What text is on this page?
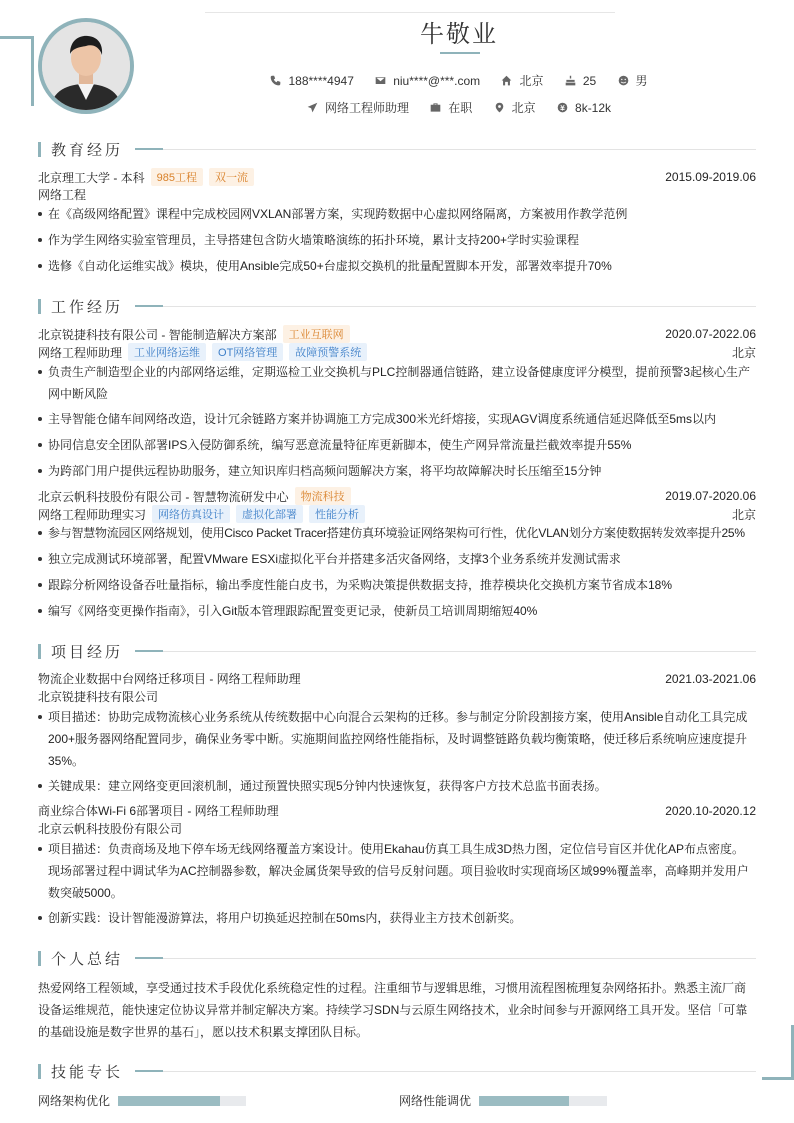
牛敬业
188****4947	niu****@***.com	北京	25	男
网络工程师助理	在职	北京	8k-12k
教育经历
北京理工大学 - 本科	985工程	双一流	2015.09-2019.06
网络工程
在《高级网络配置》课程中完成校园网VXLAN部署方案，实现跨数据中心虚拟网络隔离，方案被用作教学范例
作为学生网络实验室管理员，主导搭建包含防火墙策略演练的拓扑环境，累计支持200+学时实验课程
选修《自动化运维实战》模块，使用Ansible完成50+台虚拟交换机的批量配置脚本开发，部署效率提升70%
工作经历
北京锐捷科技有限公司 - 智能制造解决方案部	工业互联网	2020.07-2022.06
网络工程师助理	工业网络运维	OT网络管理	故障预警系统	北京
负责生产制造型企业的内部网络运维，定期巡检工业交换机与PLC控制器通信链路，建立设备健康度评分模型，提前预警3起核心生产网中断风险
主导智能仓储车间网络改造，设计冗余链路方案并协调施工方完成300米光纤熔接，实现AGV调度系统通信延迟降低至5ms以内
协同信息安全团队部署IPS入侵防御系统，编写恶意流量特征库更新脚本，使生产网异常流量拦截效率提升55%
为跨部门用户提供远程协助服务，建立知识库归档高频问题解决方案，将平均故障解决时长压缩至15分钟
北京云帆科技股份有限公司 - 智慧物流研发中心	物流科技	2019.07-2020.06
网络工程师助理实习	网络仿真设计	虚拟化部署	性能分析	北京
参与智慧物流园区网络规划，使用Cisco Packet Tracer搭建仿真环境验证网络架构可行性，优化VLAN划分方案使数据转发效率提升25%
独立完成测试环境部署，配置VMware ESXi虚拟化平台并搭建多活灾备网络，支撑3个业务系统并发测试需求
跟踪分析网络设备吞吐量指标，输出季度性能白皮书，为采购决策提供数据支持，推荐模块化交换机方案节省成本18%
编写《网络变更操作指南》，引入Git版本管理跟踪配置变更记录，使新员工培训周期缩短40%
项目经历
物流企业数据中台网络迁移项目 - 网络工程师助理	2021.03-2021.06
北京锐捷科技有限公司
项目描述：协助完成物流核心业务系统从传统数据中心向混合云架构的迁移。参与制定分阶段割接方案，使用Ansible自动化工具完成200+服务器网络配置同步，确保业务零中断。实施期间监控网络性能指标，及时调整链路负载均衡策略，使迁移后系统响应速度提升35%。
关键成果：建立网络变更回滚机制，通过预置快照实现5分钟内快速恢复，获得客户方技术总监书面表扬。
商业综合体Wi-Fi 6部署项目 - 网络工程师助理	2020.10-2020.12
北京云帆科技股份有限公司
项目描述：负责商场及地下停车场无线网络覆盖方案设计。使用Ekahau仿真工具生成3D热力图，定位信号盲区并优化AP布点密度。现场部署过程中调试华为AC控制器参数，解决金属货架导致的信号反射问题。项目验收时实现商场区域99%覆盖率，高峰期并发用户数突破5000。
创新实践：设计智能漫游算法，将用户切换延迟控制在50ms内，获得业主方技术创新奖。
个人总结
热爱网络工程领域，享受通过技术手段优化系统稳定性的过程。注重细节与逻辑思维，习惯用流程图梳理复杂网络拓扑。熟悉主流厂商设备运维规范，能快速定位协议异常并制定解决方案。持续学习SDN与云原生网络技术，业余时间参与开源网络工具开发。坚信「可靠的基础设施是数字世界的基石」，愿以技术积累支撑团队目标。
技能专长
网络架构优化	网络性能调优
